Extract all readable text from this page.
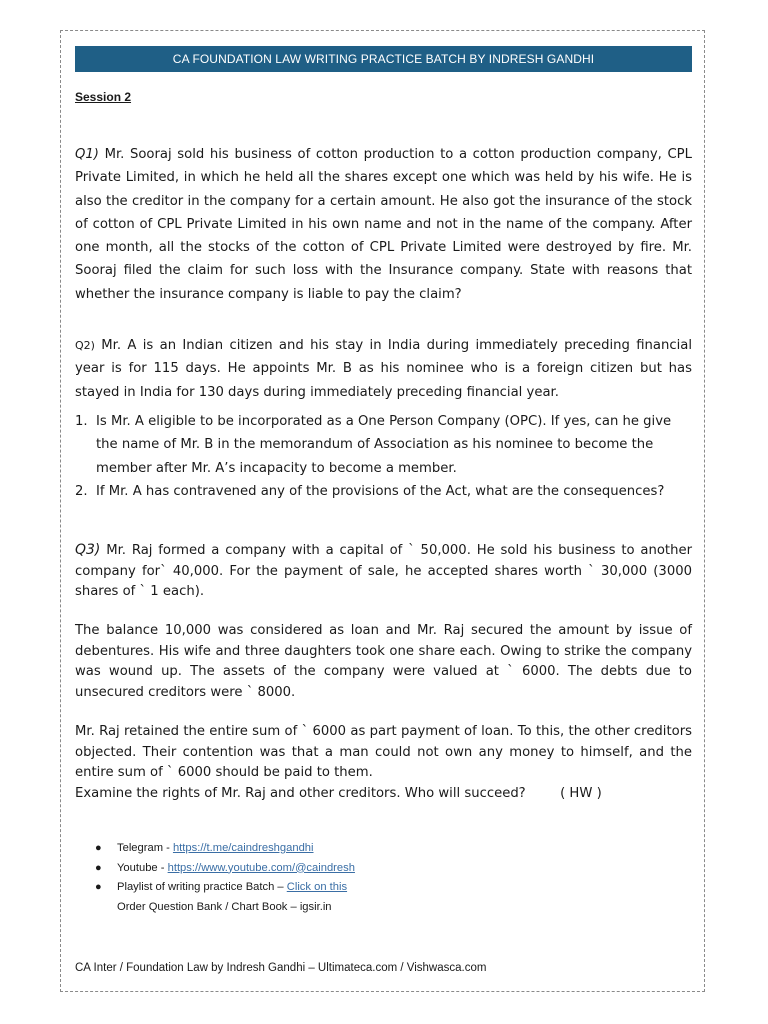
CA FOUNDATION LAW WRITING PRACTICE BATCH BY INDRESH GANDHI
Session 2

Q1) Mr. Sooraj sold his business of cotton production to a cotton production company, CPL Private Limited, in which he held all the shares except one which was held by his wife. He is also the creditor in the company for a certain amount. He also got the insurance of the stock of cotton of CPL Private Limited in his own name and not in the name of the company. After one month, all the stocks of the cotton of CPL Private Limited were destroyed by fire. Mr. Sooraj filed the claim for such loss with the Insurance company. State with reasons that whether the insurance company is liable to pay the claim?

Q2) Mr. A is an Indian citizen and his stay in India during immediately preceding financial year is for 115 days. He appoints Mr. B as his nominee who is a foreign citizen but has stayed in India for 130 days during immediately preceding financial year.

1. Is Mr. A eligible to be incorporated as a One Person Company (OPC). If yes, can he give the name of Mr. B in the memorandum of Association as his nominee to become the member after Mr. A’s incapacity to become a member.
2. If Mr. A has contravened any of the provisions of the Act, what are the consequences?

Q3) Mr. Raj formed a company with a capital of ` 50,000. He sold his business to another company for` 40,000. For the payment of sale, he accepted shares worth ` 30,000 (3000 shares of ` 1 each).

The balance 10,000 was considered as loan and Mr. Raj secured the amount by issue of debentures. His wife and three daughters took one share each. Owing to strike the company was wound up. The assets of the company were valued at ` 6000. The debts due to unsecured creditors were ` 8000.

Mr. Raj retained the entire sum of ` 6000 as part payment of loan. To this, the other creditors objected. Their contention was that a man could not own any money to himself, and the entire sum of ` 6000 should be paid to them.
Examine the rights of Mr. Raj and other creditors. Who will succeed?	( HW )

● Telegram - https://t.me/caindreshgandhi
● Youtube - https://www.youtube.com/@caindresh
● Playlist of writing practice Batch – Click on this
Order Question Bank / Chart Book – igsir.in
CA Inter / Foundation Law by Indresh Gandhi – Ultimateca.com / Vishwasca.com
